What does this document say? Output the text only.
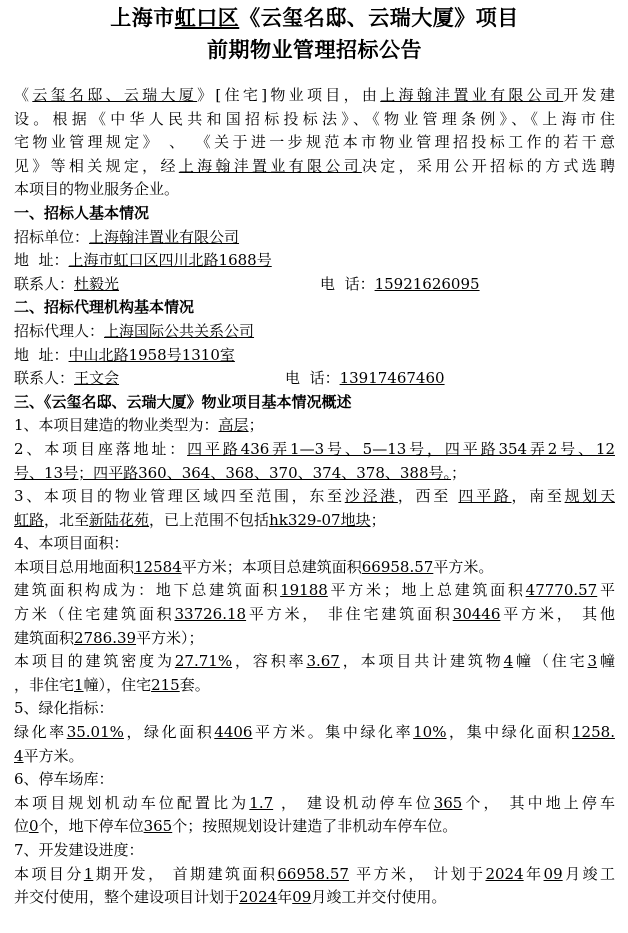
上海市虹口区《云玺名邸、云瑞大厦》项目
前期物业管理招标公告

《云玺名邸、云瑞大厦》[住宅]物业项目，由上海翰沣置业有限公司开发建

设。根据《中华人民共和国招标投标法》、《物业管理条例》、《上海市住

宅物业管理规定》 、 《关于进一步规范本市物业管理招投标工作的若干意

见》等相关规定，经上海翰沣置业有限公司决定，采用公开招标的方式选聘

本项目的物业服务企业。

一、招标人基本情况

招标单位：上海翰沣置业有限公司

地  址：上海市虹口区四川北路1688号

联系人：杜毅光	电  话：15921626095

二、招标代理机构基本情况

招标代理人：上海国际公共关系公司

地  址：中山北路1958号1310室

联系人：王文会	电  话：13917467460

三、《云玺名邸、云瑞大厦》物业项目基本情况概述

1、本项目建造的物业类型为：高层；

2、本项目座落地址：四平路436弄1—3号、5—13号，四平路354弄2号、12

号、13号；四平路360、364、368、370、374、378、388号。；

3、本项目的物业管理区域四至范围，东至沙泾港，西至 四平路，南至规划天

虹路，北至新陆花苑，已上范围不包括hk329-07地块；

4、本项目面积：

本项目总用地面积12584平方米；本项目总建筑面积66958.57平方米。

建筑面积构成为：地下总建筑面积19188平方米；地上总建筑面积47770.57平

方米（住宅建筑面积33726.18平方米， 非住宅建筑面积30446平方米， 其他

建筑面积2786.39平方米）；

本项目的建筑密度为27.71%，容积率3.67，本项目共计建筑物4幢（住宅3幢

，非住宅1幢），住宅215套。

5、绿化指标：

绿化率35.01%，绿化面积4406平方米。集中绿化率10%，集中绿化面积1258.

4平方米。

6、停车场库：

本项目规划机动车位配置比为1.7 ， 建设机动停车位365个， 其中地上停车

位0个，地下停车位365个；按照规划设计建造了非机动车停车位。

7、开发建设进度：

本项目分1期开发， 首期建筑面积66958.57 平方米， 计划于2024年09月竣工

并交付使用，整个建设项目计划于2024年09月竣工并交付使用。
